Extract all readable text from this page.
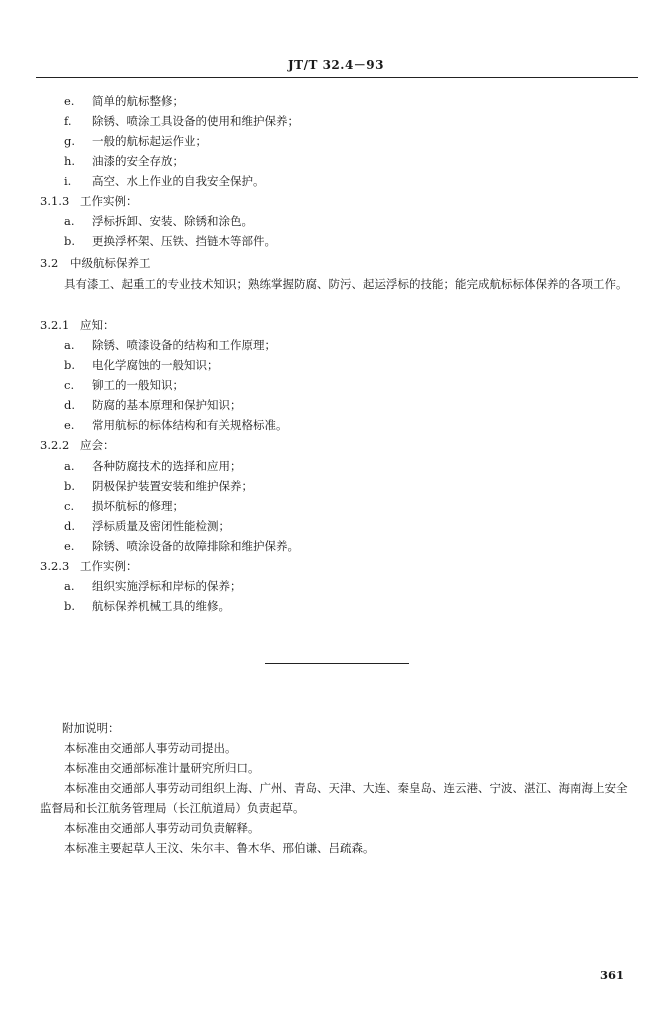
JT/T 32.4－93
e. 简单的航标整修；
f. 除锈、喷涂工具设备的使用和维护保养；
g. 一般的航标起运作业；
h. 油漆的安全存放；
i. 高空、水上作业的自我安全保护。
3.1.3 工作实例：
a. 浮标拆卸、安装、除锈和涂色。
b. 更换浮杯架、压铁、挡链木等部件。
3.2 中级航标保养工
具有漆工、起重工的专业技术知识；熟练掌握防腐、防污、起运浮标的技能；能完成航标标体保养的各项工作。
3.2.1 应知：
a. 除锈、喷漆设备的结构和工作原理；
b. 电化学腐蚀的一般知识；
c. 铆工的一般知识；
d. 防腐的基本原理和保护知识；
e. 常用航标的标体结构和有关规格标准。
3.2.2 应会：
a. 各种防腐技术的选择和应用；
b. 阴极保护装置安装和维护保养；
c. 损坏航标的修理；
d. 浮标质量及密闭性能检测；
e. 除锈、喷涂设备的故障排除和维护保养。
3.2.3 工作实例：
a. 组织实施浮标和岸标的保养；
b. 航标保养机械工具的维修。
附加说明：
本标准由交通部人事劳动司提出。
本标准由交通部标准计量研究所归口。
本标准由交通部人事劳动司组织上海、广州、青岛、天津、大连、秦皇岛、连云港、宁波、湛江、海南海上安全监督局和长江航务管理局（长江航道局）负责起草。
本标准由交通部人事劳动司负责解释。
本标准主要起草人王汶、朱尔丰、鲁木华、邢伯谦、吕疏森。
361
